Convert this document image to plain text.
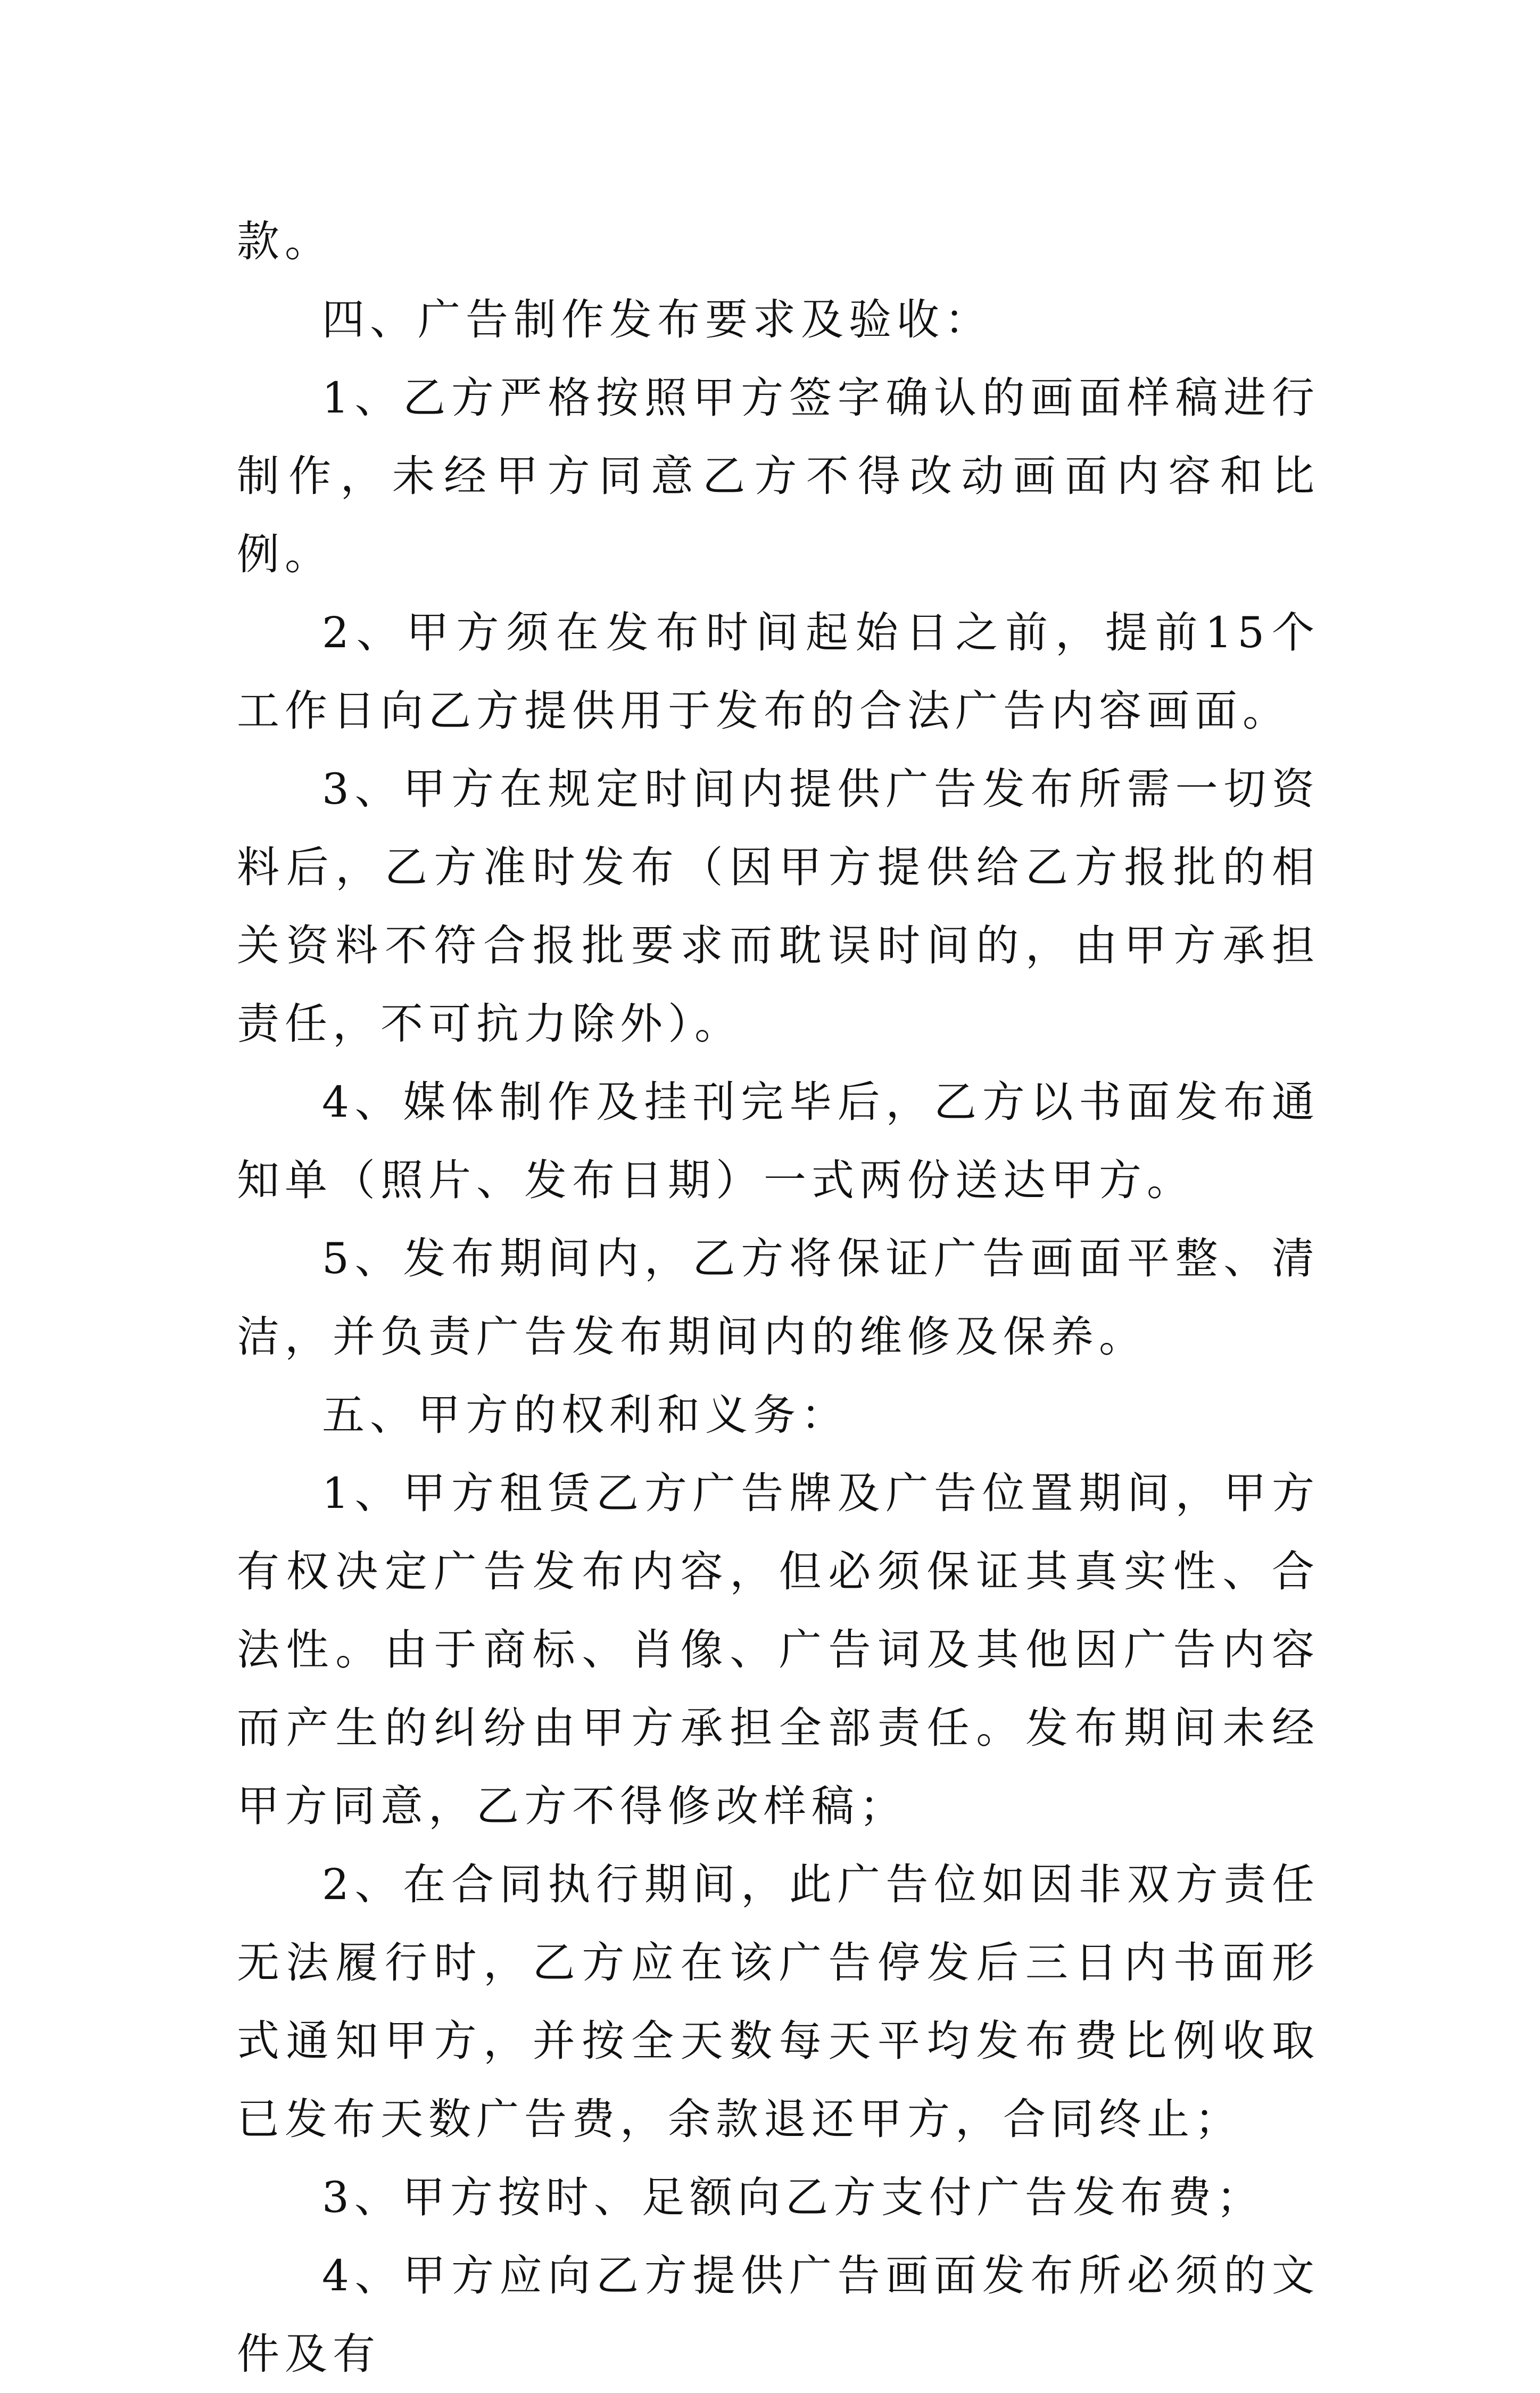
款。

四、广告制作发布要求及验收：

1、乙方严格按照甲方签字确认的画面样稿进行制作，未经甲方同意乙方不得改动画面内容和比例。

2、甲方须在发布时间起始日之前，提前15个工作日向乙方提供用于发布的合法广告内容画面。

3、甲方在规定时间内提供广告发布所需一切资料后，乙方准时发布（因甲方提供给乙方报批的相关资料不符合报批要求而耽误时间的，由甲方承担责任，不可抗力除外）。

4、媒体制作及挂刊完毕后，乙方以书面发布通知单（照片、发布日期）一式两份送达甲方。

5、发布期间内，乙方将保证广告画面平整、清洁，并负责广告发布期间内的维修及保养。

五、甲方的权利和义务：

1、甲方租赁乙方广告牌及广告位置期间，甲方有权决定广告发布内容，但必须保证其真实性、合法性。由于商标、肖像、广告词及其他因广告内容而产生的纠纷由甲方承担全部责任。发布期间未经甲方同意，乙方不得修改样稿；

2、在合同执行期间，此广告位如因非双方责任无法履行时，乙方应在该广告停发后三日内书面形式通知甲方，并按全天数每天平均发布费比例收取已发布天数广告费，余款退还甲方，合同终止；

3、甲方按时、足额向乙方支付广告发布费；

4、甲方应向乙方提供广告画面发布所必须的文件及有
